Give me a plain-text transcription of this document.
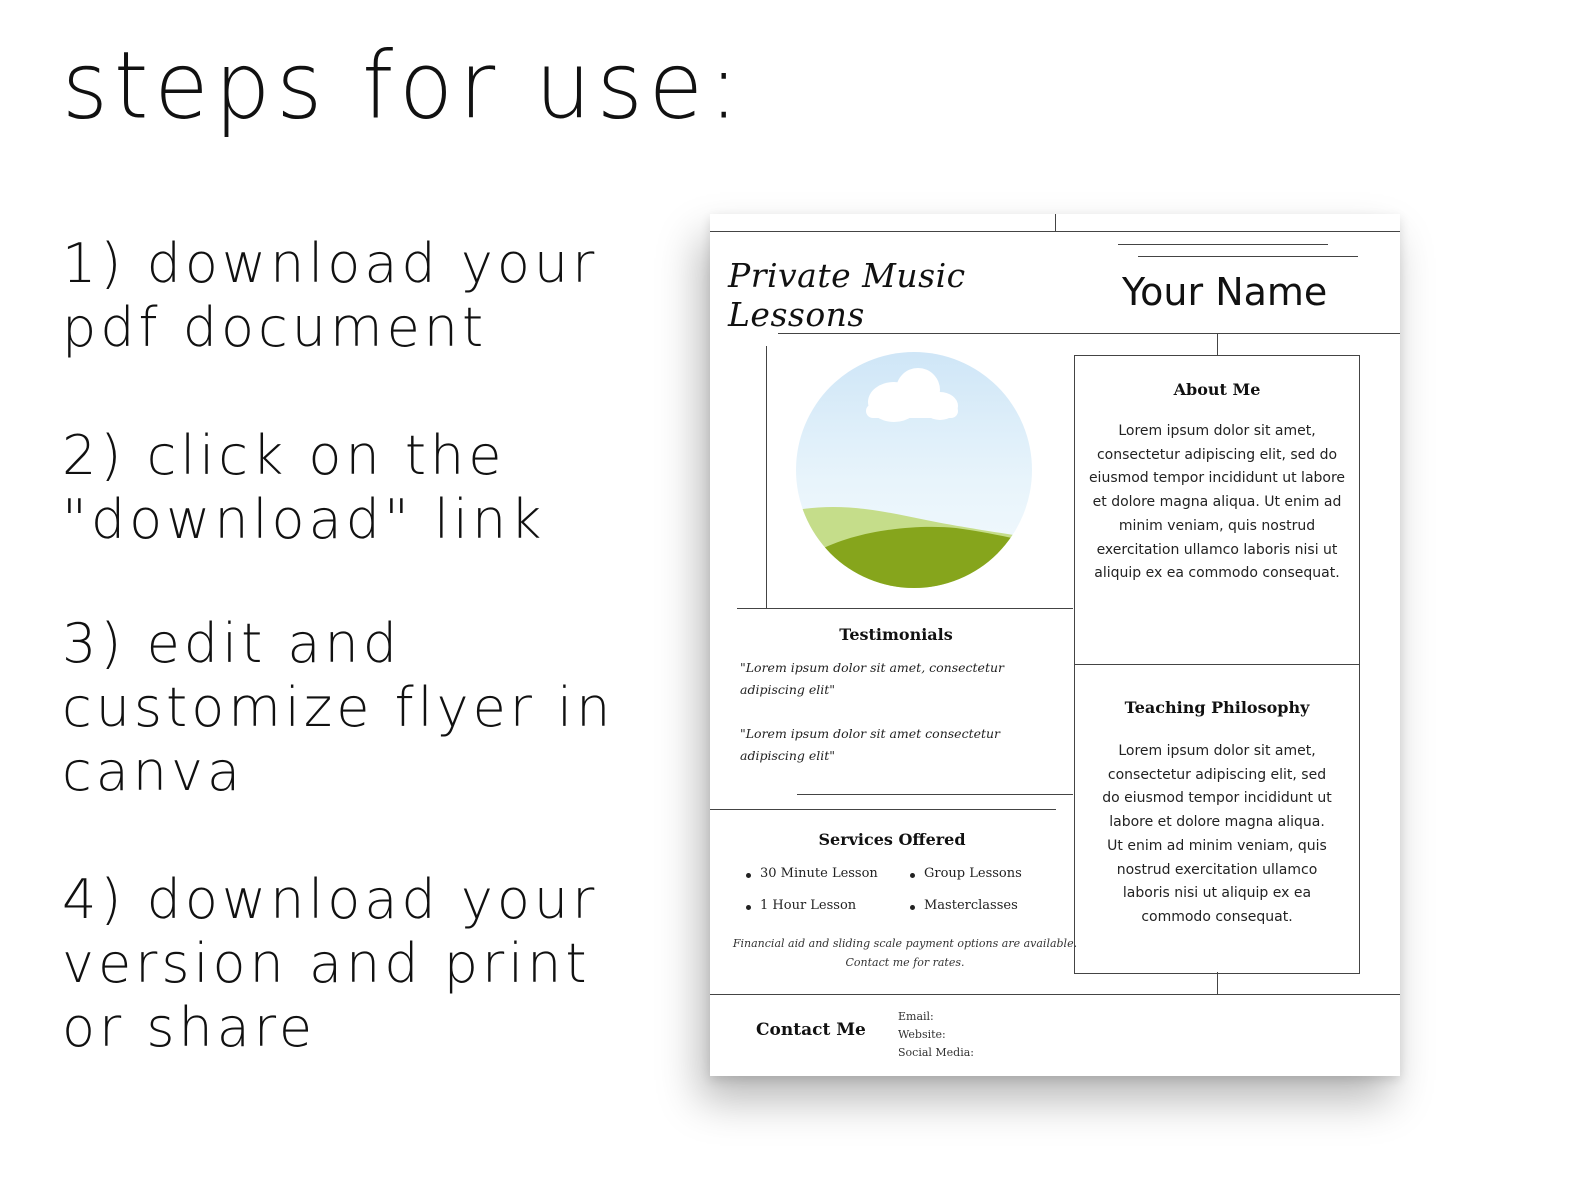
steps for use:
1) download your
pdf document
2) click on the
"download" link
3) edit and
customize flyer in
canva
4) download your
version and print
or share
Private Music Lessons
Your Name
About Me
Lorem ipsum dolor sit amet, consectetur adipiscing elit, sed do eiusmod tempor incididunt ut labore et dolore magna aliqua. Ut enim ad minim veniam, quis nostrud exercitation ullamco laboris nisi ut aliquip ex ea commodo consequat.
Teaching Philosophy
Lorem ipsum dolor sit amet, consectetur adipiscing elit, sed do eiusmod tempor incididunt ut labore et dolore magna aliqua. Ut enim ad minim veniam, quis nostrud exercitation ullamco laboris nisi ut aliquip ex ea commodo consequat.
Testimonials
"Lorem ipsum dolor sit amet, consectetur adipiscing elit"
"Lorem ipsum dolor sit amet consectetur adipiscing elit"
Services Offered
30 Minute Lesson	Group Lessons
1 Hour Lesson	Masterclasses
Financial aid and sliding scale payment options are available. Contact me for rates.
Contact Me
Email:
Website:
Social Media:
